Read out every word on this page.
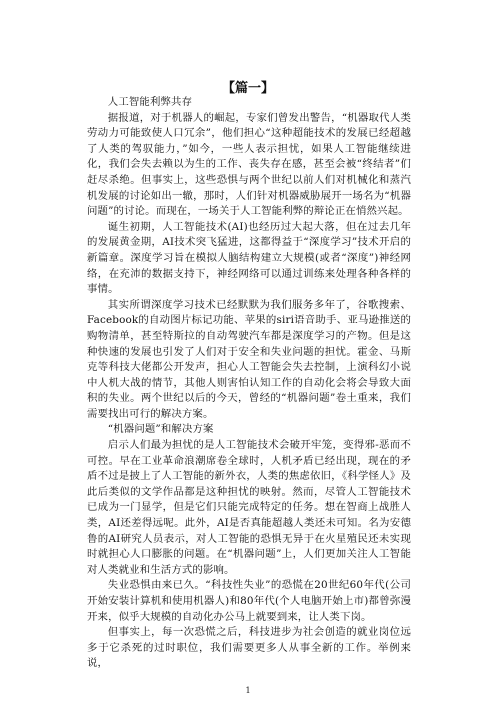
【篇一】

人工智能利弊共存

据报道，对于机器人的崛起，专家们曾发出警告，“机器取代人类劳动力可能致使人口冗余”，他们担心“这种超能技术的发展已经超越了人类的驾驭能力，”如今，一些人表示担忧，如果人工智能继续进化，我们会失去赖以为生的工作、丧失存在感，甚至会被“终结者”们赶尽杀绝。但事实上，这些恐惧与两个世纪以前人们对机械化和蒸汽机发展的讨论如出一辙，那时，人们针对机器威胁展开一场名为“机器问题”的讨论。而现在，一场关于人工智能利弊的辩论正在悄然兴起。

诞生初期，人工智能技术(AI)也经历过大起大落，但在过去几年的发展黄金期，AI技术突飞猛进，这都得益于“深度学习”技术开启的新篇章。深度学习旨在模拟人脑结构建立大规模(或者“深度”)神经网络，在充沛的数据支持下，神经网络可以通过训练来处理各种各样的事情。

其实所谓深度学习技术已经默默为我们服务多年了，谷歌搜索、Facebook的自动图片标记功能、苹果的siri语音助手、亚马逊推送的购物清单，甚至特斯拉的自动驾驶汽车都是深度学习的产物。但是这种快速的发展也引发了人们对于安全和失业问题的担忧。霍金、马斯克等科技大佬都公开发声，担心人工智能会失去控制，上演科幻小说中人机大战的情节，其他人则害怕认知工作的自动化会将会导致大面积的失业。两个世纪以后的今天，曾经的“机器问题”卷土重来，我们需要找出可行的解决方案。

“机器问题”和解决方案

启示人们最为担忧的是人工智能技术会破开牢笼，变得邪-恶而不可控。早在工业革命浪潮席卷全球时，人机矛盾已经出现，现在的矛盾不过是披上了人工智能的新外衣，人类的焦虑依旧，《科学怪人》及此后类似的文学作品都是这种担忧的映射。然而，尽管人工智能技术已成为一门显学，但是它们只能完成特定的任务。想在智商上战胜人类，AI还差得远呢。此外，AI是否真能超越人类还未可知。名为安德鲁的AI研究人员表示，对人工智能的恐惧无异于在火星殖民还未实现时就担心人口膨胀的问题。在“机器问题”上，人们更加关注人工智能对人类就业和生活方式的影响。

失业恐惧由来已久。“科技性失业”的恐慌在20世纪60年代(公司开始安装计算机和使用机器人)和80年代(个人电脑开始上市)都曾弥漫开来，似乎大规模的自动化办公马上就要到来，让人类下岗。

但事实上，每一次恐慌之后，科技进步为社会创造的就业岗位远多于它杀死的过时职位，我们需要更多人从事全新的工作。举例来说，

1
